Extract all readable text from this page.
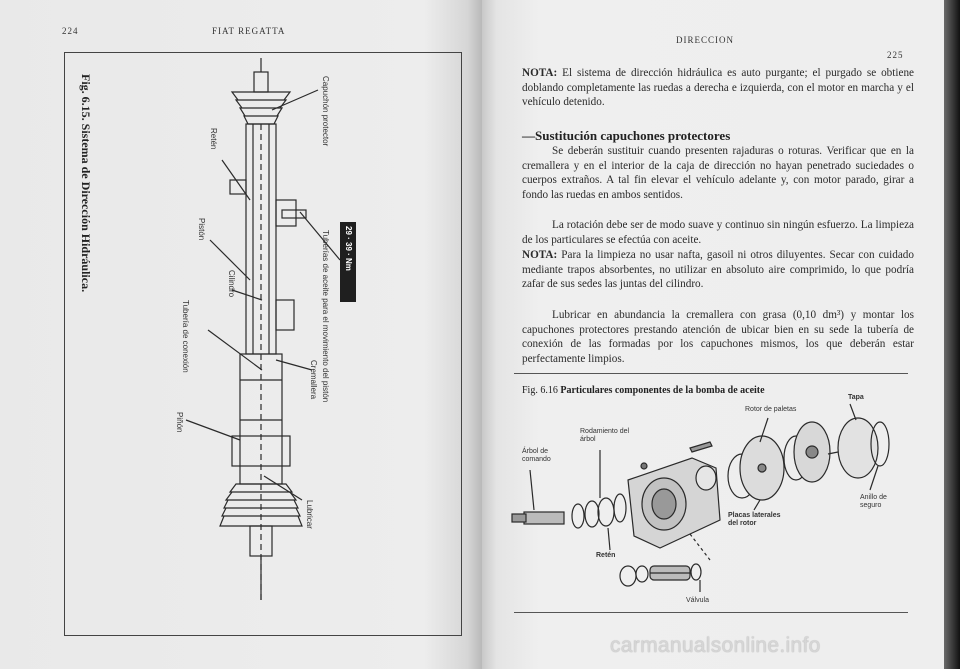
224	FIAT REGATTA
Fig. 6.15. Sistema de Dirección Hidráulica.	Capuchón protector
Retén
29 · 39 · Nm
Tuberías de aceite para el movimiento del pistón
Pistón
Cilindro
Tubería de conexión
Cremallera
Piñón
Lubricar
DIRECCION
225

NOTA: El sistema de dirección hidráulica es auto purgante; el purgado se obtiene doblando completamente las ruedas a derecha e izquierda, con el motor en marcha y el vehículo detenido.

—Sustitución capuchones protectores
Se deberán sustituir cuando presenten rajaduras o roturas. Verificar que en la cremallera y en el interior de la caja de dirección no hayan penetrado suciedades o cuerpos extraños. A tal fin elevar el vehículo adelante y, con motor parado, girar a fondo las ruedas en ambos sentidos.
La rotación debe ser de modo suave y continuo sin ningún esfuerzo. La limpieza de los particulares se efectúa con aceite.

NOTA: Para la limpieza no usar nafta, gasoil ni otros diluyentes. Secar con cuidado mediante trapos absorbentes, no utilizar en absoluto aire comprimido, lo que podría zafar de sus sedes las juntas del cilindro.

Lubricar en abundancia la cremallera con grasa (0,10 dm³) y montar los capuchones protectores prestando atención de ubicar bien en su sede la tubería de conexión de las formadas por los capuchones mismos, los que deberán estar perfectamente limpios.
Fig. 6.16 Particulares componentes de la bomba de aceite
Rotor de paletas
Tapa
Rodamiento del árbol
Árbol de comando
Anillo de seguro
Placas laterales del rotor
Retén
Válvula
carmanualsonline.info
